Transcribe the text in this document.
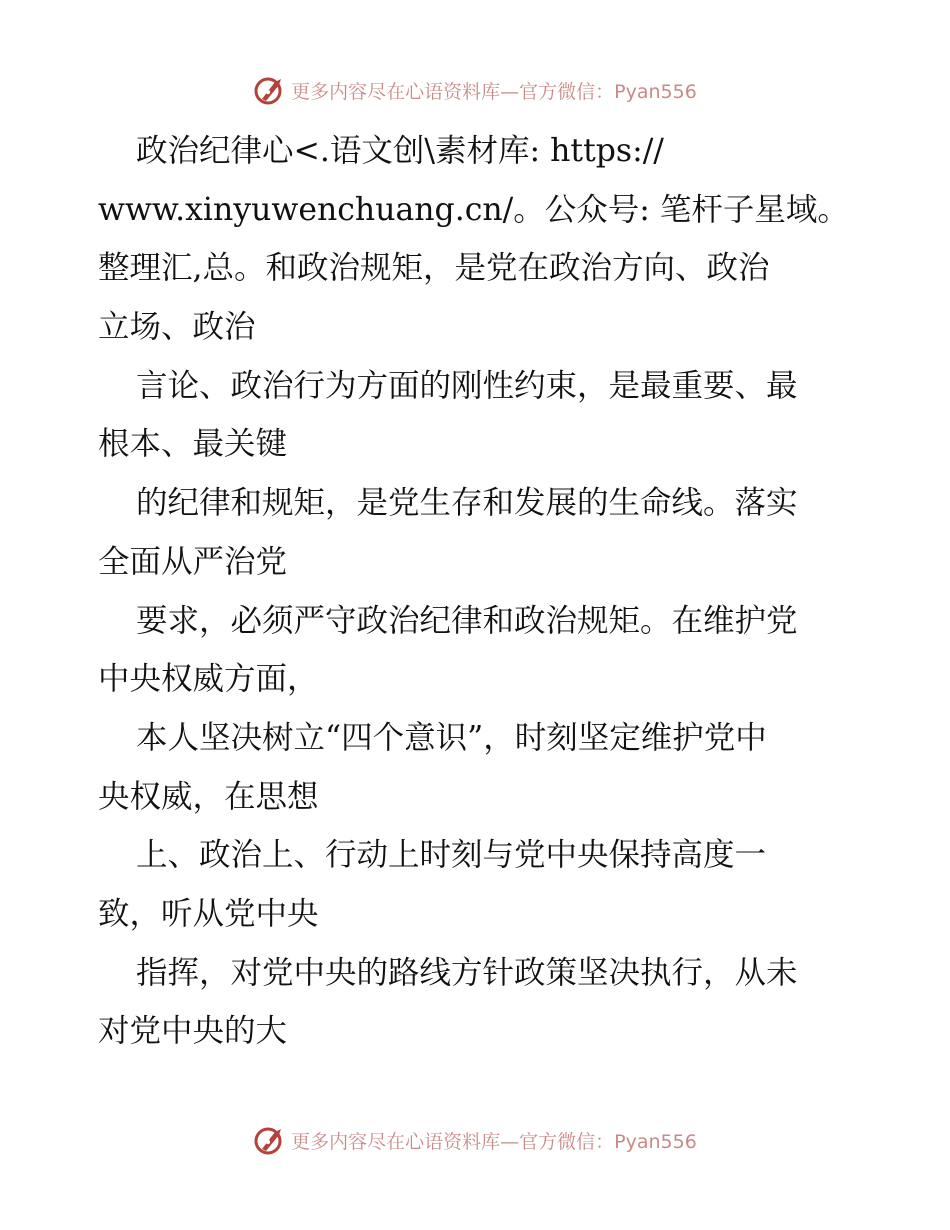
更多内容尽在心语资料库—官方微信：Pyan556
政治纪律心<.语文创\素材库: https://
www.xinyuwenchuang.cn/。公众号: 笔杆子星域。
整理汇,总。和政治规矩，是党在政治方向、政治
立场、政治
言论、政治行为方面的刚性约束，是最重要、最
根本、最关键
的纪律和规矩，是党生存和发展的生命线。落实
全面从严治党
要求，必须严守政治纪律和政治规矩。在维护党
中央权威方面，
本人坚决树立“四个意识”，时刻坚定维护党中
央权威，在思想
上、政治上、行动上时刻与党中央保持高度一
致，听从党中央
指挥，对党中央的路线方针政策坚决执行，从未
对党中央的大
更多内容尽在心语资料库—官方微信：Pyan556
